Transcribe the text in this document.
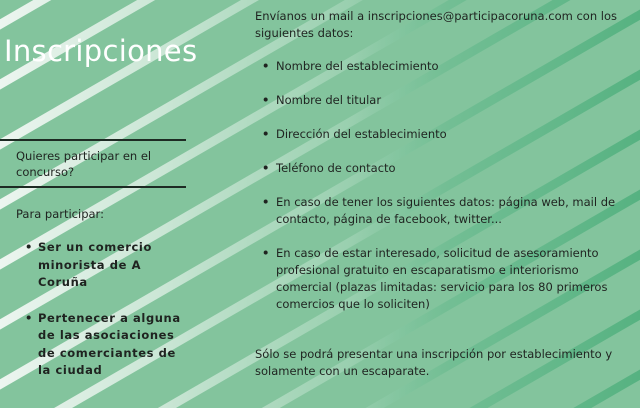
Inscripciones

Quieres participar en el concurso?

Para participar:

• Ser un comercio minorista de A Coruña
• Pertenecer a alguna de las asociaciones de comerciantes de la ciudad

Envíanos un mail a inscripciones@participacoruna.com con los siguientes datos:

• Nombre del establecimiento
• Nombre del titular
• Dirección del establecimiento
• Teléfono de contacto
• En caso de tener los siguientes datos: página web, mail de contacto, página de facebook, twitter...
• En caso de estar interesado, solicitud de asesoramiento profesional gratuito en escaparatismo e interiorismo comercial (plazas limitadas: servicio para los 80 primeros comercios que lo soliciten)

Sólo se podrá presentar una inscripción por establecimiento y solamente con un escaparate.
